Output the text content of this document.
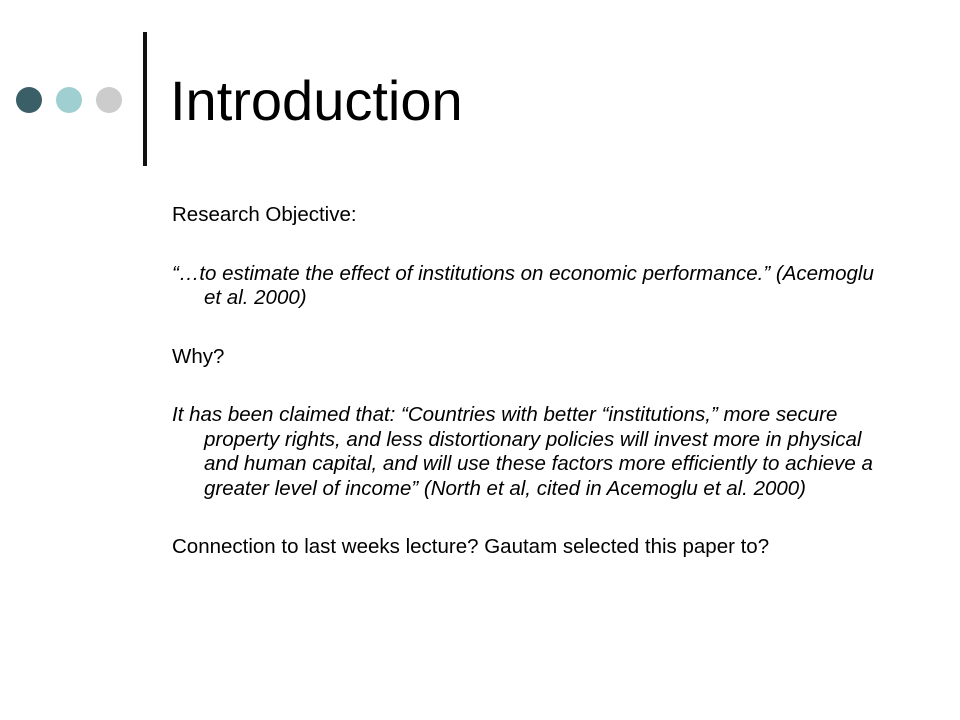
Introduction

Research Objective:

“…to estimate the effect of institutions on economic performance.” (Acemoglu et al. 2000)

Why?

It has been claimed that: “Countries with better “institutions,” more secure property rights, and less distortionary policies will invest more in physical and human capital, and will use these factors more efficiently to achieve a greater level of income” (North et al, cited in Acemoglu et al. 2000)

Connection to last weeks lecture? Gautam selected this paper to?
